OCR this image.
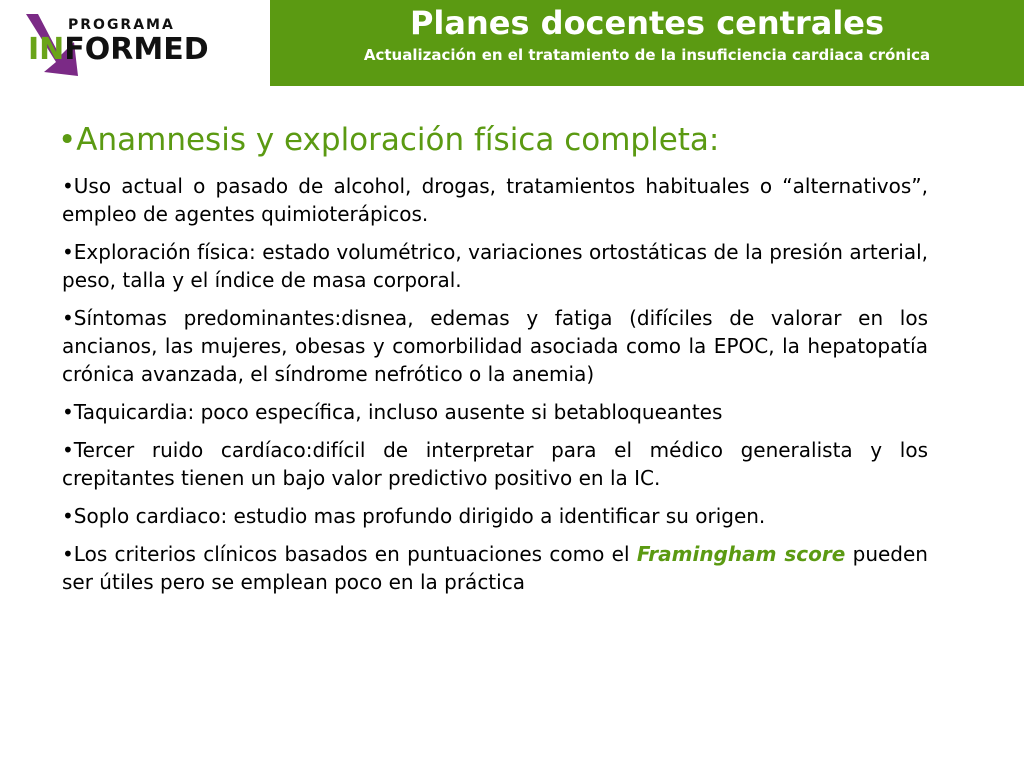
PROGRAMA
INFORMED
Planes docentes centrales
Actualización en el tratamiento de la insuficiencia cardiaca crónica
•Anamnesis y exploración física completa:
•Uso actual o pasado de alcohol, drogas, tratamientos habituales o “alternativos”, empleo de agentes quimioterápicos.
•Exploración física: estado volumétrico, variaciones ortostáticas de la presión arterial, peso, talla y el índice de masa corporal.
•Síntomas predominantes:disnea, edemas y fatiga (difíciles de valorar en los ancianos, las mujeres, obesas y comorbilidad asociada como la EPOC, la hepatopatía crónica avanzada, el síndrome nefrótico o la anemia)
•Taquicardia: poco específica, incluso ausente si betabloqueantes
•Tercer ruido cardíaco:difícil de interpretar para el médico generalista y los crepitantes tienen un bajo valor predictivo positivo en la IC.
•Soplo cardiaco: estudio mas profundo dirigido a identificar su origen.
•Los criterios clínicos basados en puntuaciones como el Framingham score pueden ser útiles pero se emplean poco en la práctica
